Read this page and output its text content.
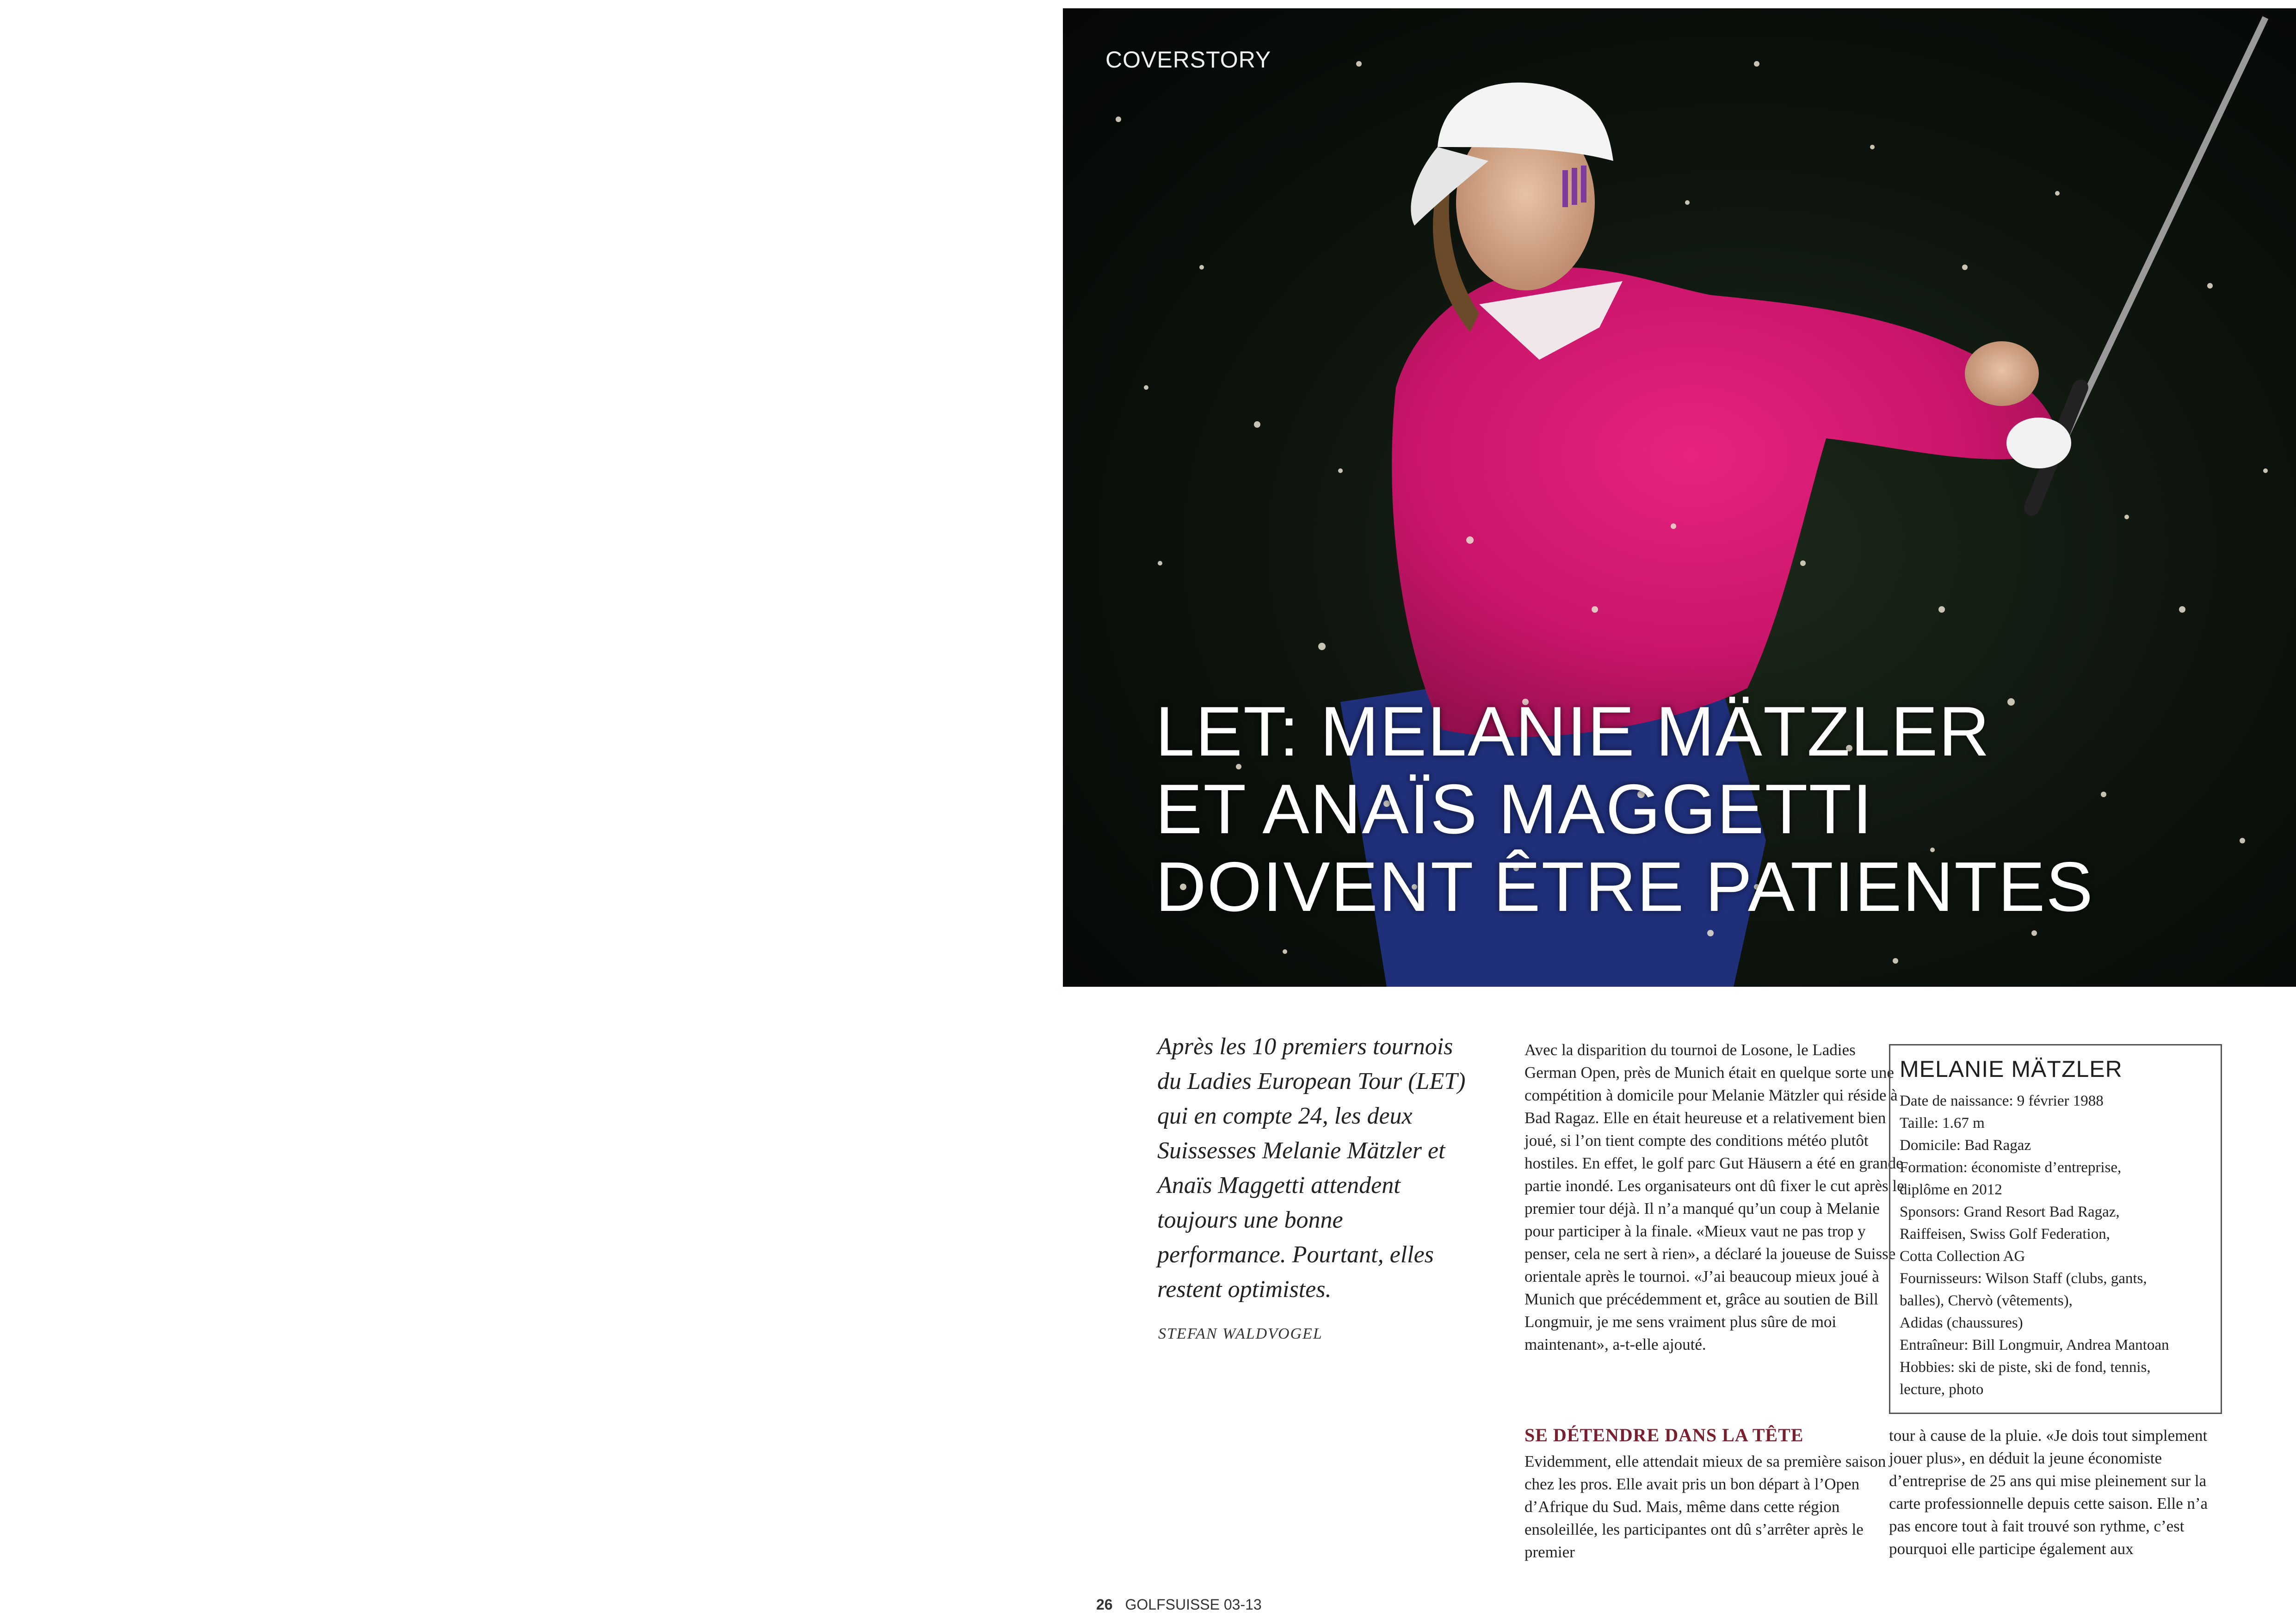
COVERSTORY
LET: MELANIE MÄTZLER
ET ANAÏS MAGGETTI
DOIVENT ÊTRE PATIENTES
Après les 10 premiers tournois du Ladies European Tour (LET) qui en compte 24, les deux Suissesses Melanie Mätzler et Anaïs Maggetti attendent toujours une bonne performance. Pourtant, elles restent optimistes.
STEFAN WALDVOGEL

Avec la disparition du tournoi de Losone, le Ladies German Open, près de Munich était en quelque sorte une compétition à domicile pour Melanie Mätzler qui réside à Bad Ragaz. Elle en était heureuse et a relativement bien joué, si l’on tient compte des conditions météo plutôt hostiles. En effet, le golf parc Gut Häusern a été en grande partie inondé. Les organisateurs ont dû fixer le cut après le premier tour déjà. Il n’a manqué qu’un coup à Melanie pour participer à la finale. «Mieux vaut ne pas trop y penser, cela ne sert à rien», a déclaré la joueuse de Suisse orientale après le tournoi. «J’ai beaucoup mieux joué à Munich que précédemment et, grâce au soutien de Bill Longmuir, je me sens vraiment plus sûre de moi maintenant», a-t-elle ajouté.

SE DÉTENDRE DANS LA TÊTE

Evidemment, elle attendait mieux de sa première saison chez les pros. Elle avait pris un bon départ à l’Open d’Afrique du Sud. Mais, même dans cette région ensoleillée, les participantes ont dû s’arrêter après le premier

tour à cause de la pluie. «Je dois tout simplement jouer plus», en déduit la jeune économiste d’entreprise de 25 ans qui mise pleinement sur la carte professionnelle depuis cette saison. Elle n’a pas encore tout à fait trouvé son rythme, c’est pourquoi elle participe également aux

MELANIE MÄTZLER
Date de naissance: 9 février 1988
Taille: 1.67 m
Domicile: Bad Ragaz
Formation: économiste d’entreprise,
diplôme en 2012
Sponsors: Grand Resort Bad Ragaz,
Raiffeisen, Swiss Golf Federation,
Cotta Collection AG
Fournisseurs: Wilson Staff (clubs, gants,
balles), Chervò (vêtements),
Adidas (chaussures)
Entraîneur: Bill Longmuir, Andrea Mantoan
Hobbies: ski de piste, ski de fond, tennis,
lecture, photo
26 GOLFSUISSE 03-13
